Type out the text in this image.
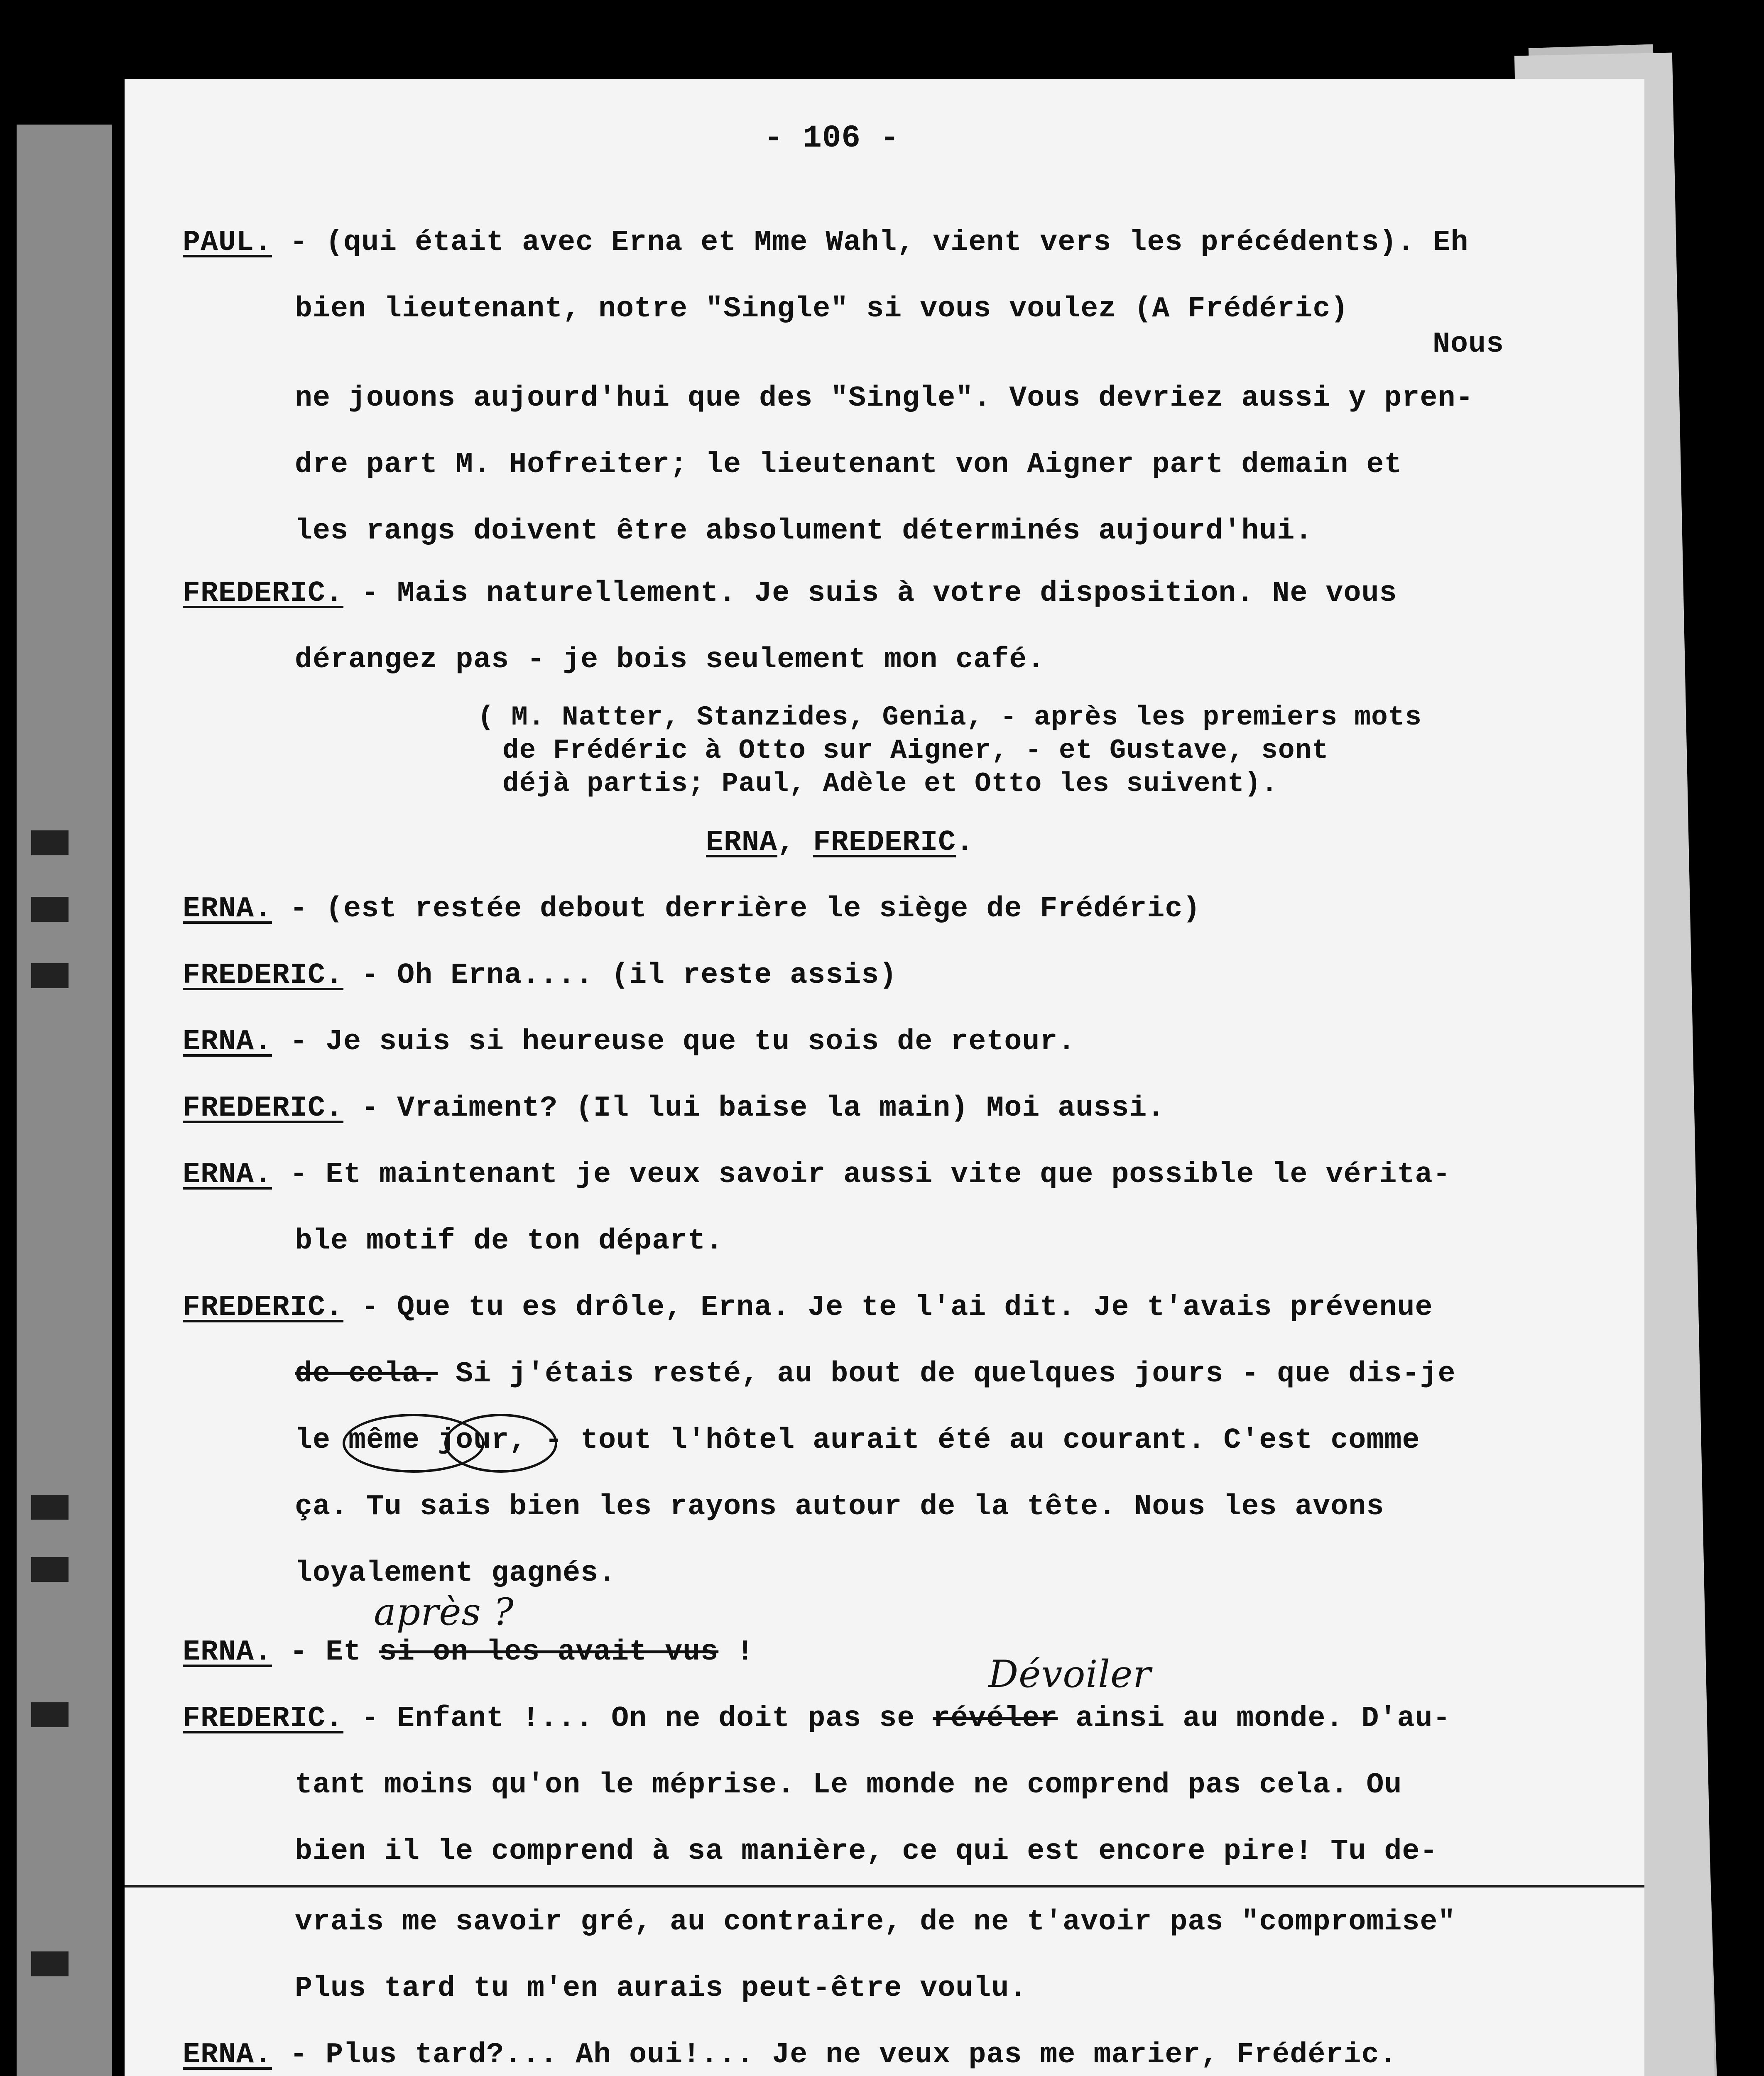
- 106 -
PAUL. - (qui était avec Erna et Mme Wahl, vient vers les précédents). Eh
bien lieutenant, notre "Single" si vous voulez (A Frédéric)
Nous
ne jouons aujourd'hui que des "Single". Vous devriez aussi y pren-
dre part M. Hofreiter; le lieutenant von Aigner part demain et
les rangs doivent être absolument déterminés aujourd'hui.
FREDERIC. - Mais naturellement. Je suis à votre disposition. Ne vous
dérangez pas - je bois seulement mon café.
( M. Natter, Stanzides, Genia, - après les premiers mots
de Frédéric à Otto sur Aigner, - et Gustave, sont
déjà partis; Paul, Adèle et Otto les suivent).
ERNA, FREDERIC.
ERNA. - (est restée debout derrière le siège de Frédéric)
FREDERIC. - Oh Erna.... (il reste assis)
ERNA. - Je suis si heureuse que tu sois de retour.
FREDERIC. - Vraiment? (Il lui baise la main) Moi aussi.
ERNA. - Et maintenant je veux savoir aussi vite que possible le vérita-
ble motif de ton départ.
FREDERIC. - Que tu es drôle, Erna. Je te l'ai dit. Je t'avais prévenue
de cela. Si j'étais resté, au bout de quelques jours - que dis-je
le même jour, - tout l'hôtel aurait été au courant. C'est comme
ça. Tu sais bien les rayons autour de la tête. Nous les avons
loyalement gagnés.
ERNA. - Et si on les avait vus !
après ?
FREDERIC. - Enfant !... On ne doit pas se révéler ainsi au monde. D'au-
Dévoiler
tant moins qu'on le méprise. Le monde ne comprend pas cela. Ou
bien il le comprend à sa manière, ce qui est encore pire! Tu de-
vrais me savoir gré, au contraire, de ne t'avoir pas "compromise"
Plus tard tu m'en aurais peut-être voulu.
ERNA. - Plus tard?... Ah oui!... Je ne veux pas me marier, Frédéric.
